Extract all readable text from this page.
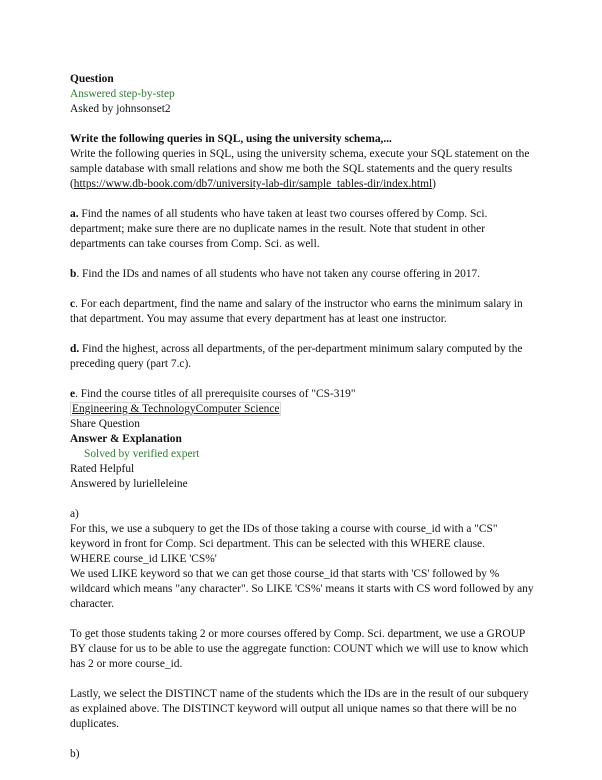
Question
Answered step-by-step
Asked by johnsonset2
Write the following queries in SQL, using the university schema,...
Write the following queries in SQL, using the university schema, execute your SQL statement on the sample database with small relations and show me both the SQL statements and the query results (https://www.db-book.com/db7/university-lab-dir/sample_tables-dir/index.html)
a. Find the names of all students who have taken at least two courses offered by Comp. Sci. department; make sure there are no duplicate names in the result. Note that student in other departments can take courses from Comp. Sci. as well.
b. Find the IDs and names of all students who have not taken any course offering in 2017.
c. For each department, find the name and salary of the instructor who earns the minimum salary in that department. You may assume that every department has at least one instructor.
d. Find the highest, across all departments, of the per-department minimum salary computed by the preceding query (part 7.c).
e. Find the course titles of all prerequisite courses of "CS-319"
Engineering & TechnologyComputer Science
Share Question
Answer & Explanation
Solved by verified expert
Rated Helpful
Answered by lurielleleine
a)
For this, we use a subquery to get the IDs of those taking a course with course_id with a "CS" keyword in front for Comp. Sci department. This can be selected with this WHERE clause.
WHERE course_id LIKE 'CS%'
We used LIKE keyword so that we can get those course_id that starts with 'CS' followed by % wildcard which means "any character". So LIKE 'CS%' means it starts with CS word followed by any character.
To get those students taking 2 or more courses offered by Comp. Sci. department, we use a GROUP BY clause for us to be able to use the aggregate function: COUNT which we will use to know which has 2 or more course_id.
Lastly, we select the DISTINCT name of the students which the IDs are in the result of our subquery as explained above. The DISTINCT keyword will output all unique names so that there will be no duplicates.
b)
